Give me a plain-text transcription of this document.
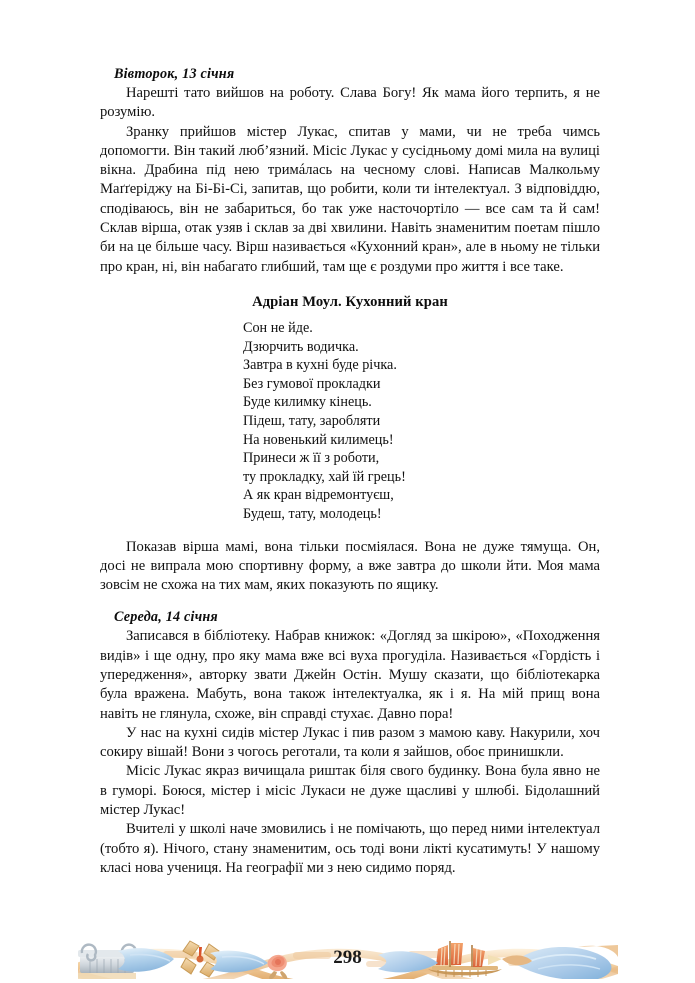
Вівторок, 13 січня

Нарешті тато вийшов на роботу. Слава Богу! Як мама його терпить, я не розумію.

Зранку прийшов містер Лукас, спитав у мами, чи не треба чимсь допомогти. Він такий люб’язний. Місіс Лукас у сусідньому домі мила на вулиці вікна. Драбина під нею тримáлась на чесному слові. Написав Малкольму Маґґеріджу на Бі-Бі-Сі, запитав, що робити, коли ти інтелектуал. З відповіддю, сподіваюсь, він не забариться, бо так уже насточортіло — все сам та й сам! Склав вірша, отак узяв і склав за дві хвилини. Навіть знаменитим поетам пішло би на це більше часу. Вірш називається «Кухонний кран», але в ньому не тільки про кран, ні, він набагато глибший, там ще є роздуми про життя і все таке.

Адріан Моул. Кухонний кран
Сон не йде.
Дзюрчить водичка.
Завтра в кухні буде річка.
Без гумової прокладки
Буде килимку кінець.
Підеш, тату, заробляти
На новенький килимець!
Принеси ж її з роботи,
ту прокладку, хай їй грець!
А як кран відремонтуєш,
Будеш, тату, молодець!

Показав вірша мамі, вона тільки посміялася. Вона не дуже тямуща. Он, досі не випрала мою спортивну форму, а вже завтра до школи йти. Моя мама зовсім не схожа на тих мам, яких показують по ящику.

Середа, 14 січня

Записався в бібліотеку. Набрав книжок: «Догляд за шкірою», «Походження видів» і ще одну, про яку мама вже всі вуха прогуділа. Називається «Гордість і упередження», авторку звати Джейн Остін. Мушу сказати, що бібліотекарка була вражена. Мабуть, вона також інтелектуалка, як і я. На мій прищ вона навіть не глянула, схоже, він справді стухає. Давно пора!

У нас на кухні сидів містер Лукас і пив разом з мамою каву. Накурили, хоч сокиру вішай! Вони з чогось реготали, та коли я зайшов, обоє принишкли.

Місіс Лукас якраз вичищала риштак біля свого будинку. Вона була явно не в гуморі. Боюся, містер і місіс Лукаси не дуже щасливі у шлюбі. Бідолашний містер Лукас!

Вчителі у школі наче змовились і не помічають, що перед ними інтелектуал (тобто я). Нічого, стану знаменитим, ось тоді вони лікті кусатимуть! У нашому класі нова учениця. На географії ми з нею сидимо поряд.

298
